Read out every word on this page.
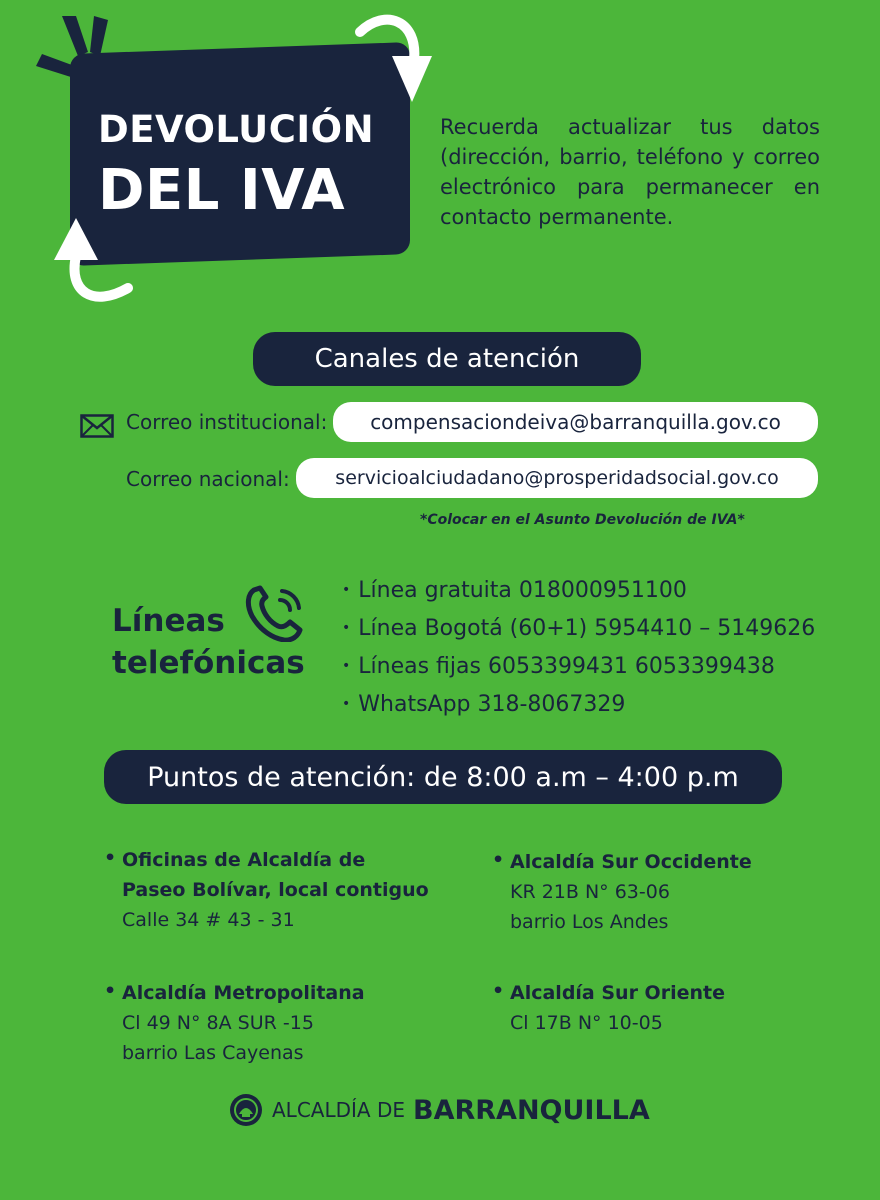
DEVOLUCIÓN
DEL IVA
Recuerda actualizar tus datos (dirección, barrio, teléfono y correo electrónico para permanecer en contacto permanente.
Canales de atención
Correo institucional:	compensaciondeiva@barranquilla.gov.co
Correo nacional:	servicioalciudadano@prosperidadsocial.gov.co
*Colocar en el Asunto Devolución de IVA*
Líneas
telefónicas
• Línea gratuita 018000951100
• Línea Bogotá (60+1) 5954410 – 5149626
• Líneas fijas 6053399431 6053399438
• WhatsApp 318-8067329
Puntos de atención: de 8:00 a.m – 4:00 p.m
• Oficinas de Alcaldía de
Paseo Bolívar, local contiguo
Calle 34 # 43 - 31
• Alcaldía Sur Occidente
KR 21B N° 63-06
barrio Los Andes
• Alcaldía Metropolitana
Cl 49 N° 8A SUR -15
barrio Las Cayenas
• Alcaldía Sur Oriente
Cl 17B N° 10-05
ALCALDÍA DE BARRANQUILLA
